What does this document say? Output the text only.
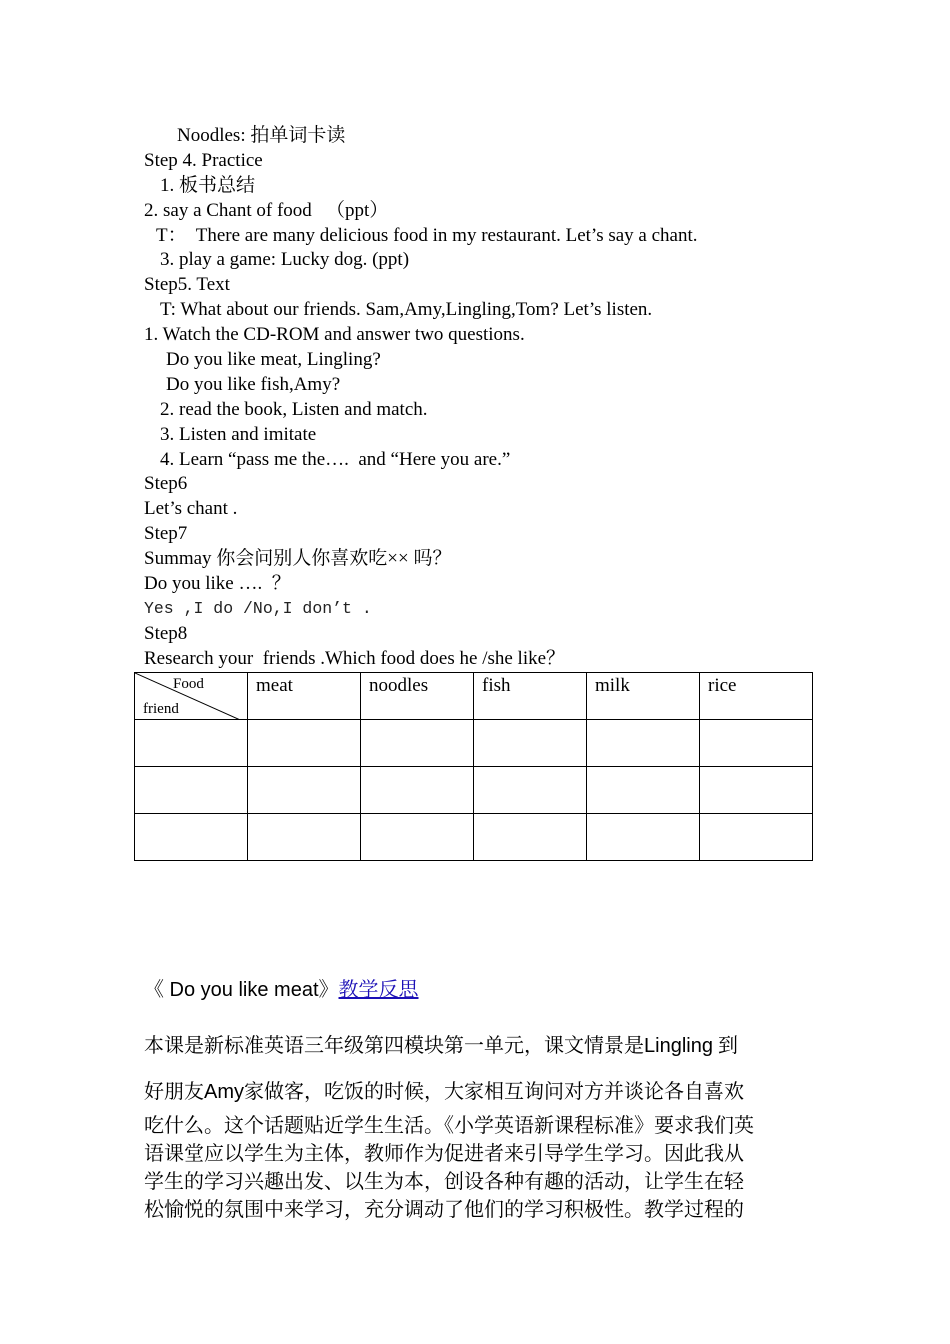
Noodles: 拍单词卡读
Step 4. Practice
1. 板书总结
2. say a Chant of food   （ppt）
T：  There are many delicious food in my restaurant. Let’s say a chant.
3. play a game: Lucky dog. (ppt)
Step5. Text
T: What about our friends. Sam,Amy,Lingling,Tom? Let’s listen.
1. Watch the CD-ROM and answer two questions.
Do you like meat, Lingling?
Do you like fish,Amy?
2. read the book, Listen and match.
3. Listen and imitate
4. Learn “pass me the….  and “Here you are.”
Step6
Let’s chant .
Step7
Summay 你会问别人你喜欢吃×× 吗？
Do you like ….  ？
Yes ,I do /No,I don’t .
Step8
Research your  friends .Which food does he /she like？
Food
friend	meat	noodles	fish	milk	rice

《 Do you like meat》教学反思
本课是新标准英语三年级第四模块第一单元，课文情景是Lingling 到
好朋友Amy家做客，吃饭的时候，大家相互询问对方并谈论各自喜欢
吃什么。这个话题贴近学生生活。《小学英语新课程标准》要求我们英
语课堂应以学生为主体，教师作为促进者来引导学生学习。因此我从
学生的学习兴趣出发、以生为本，创设各种有趣的活动，让学生在轻
松愉悦的氛围中来学习，充分调动了他们的学习积极性。教学过程的
